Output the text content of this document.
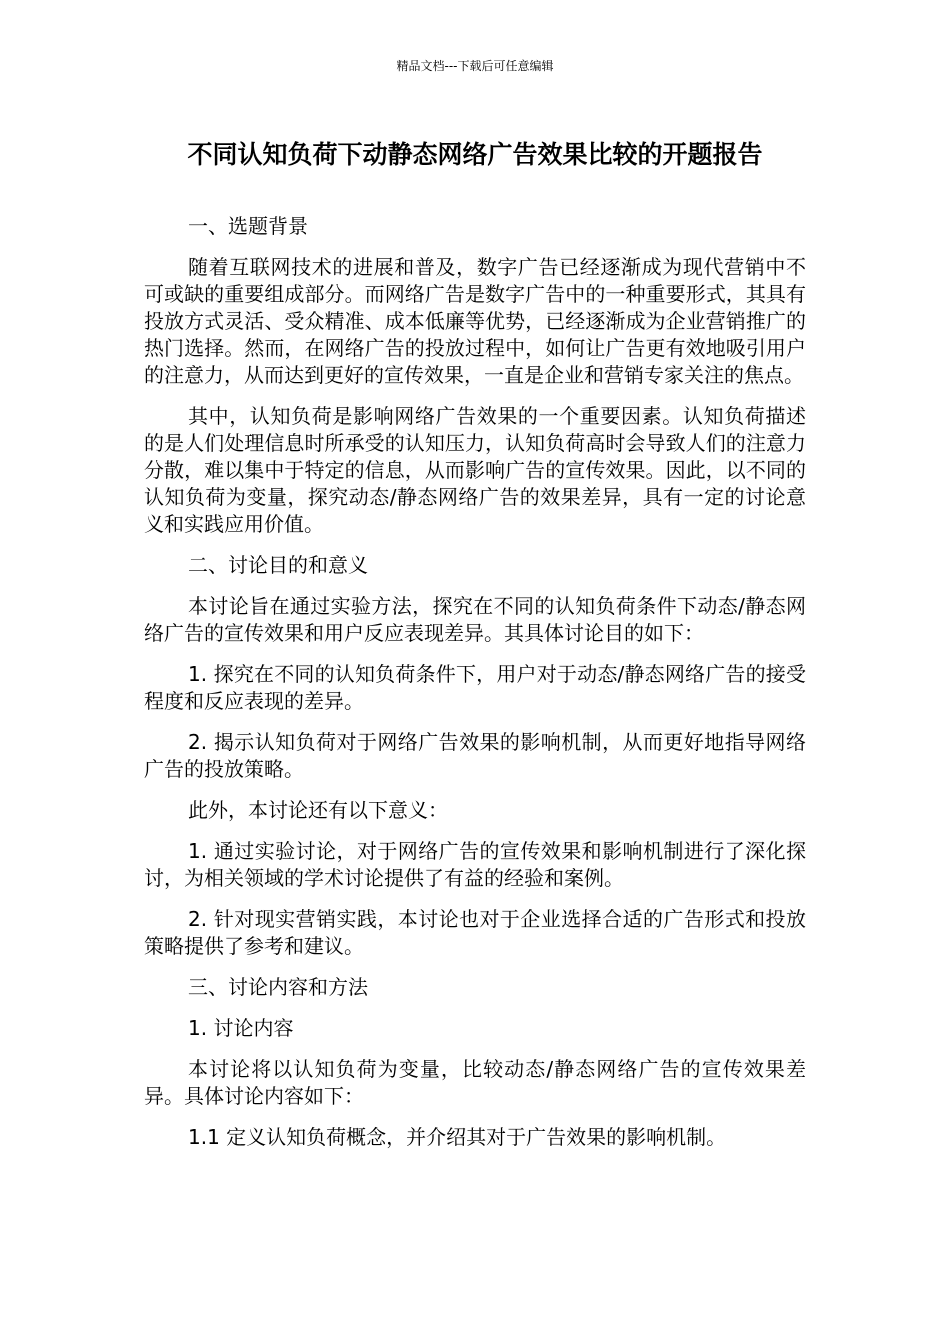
精品文档---下载后可任意编辑
不同认知负荷下动静态网络广告效果比较的开题报告

一、选题背景

随着互联网技术的进展和普及，数字广告已经逐渐成为现代营销中不可或缺的重要组成部分。而网络广告是数字广告中的一种重要形式，其具有投放方式灵活、受众精准、成本低廉等优势，已经逐渐成为企业营销推广的热门选择。然而，在网络广告的投放过程中，如何让广告更有效地吸引用户的注意力，从而达到更好的宣传效果，一直是企业和营销专家关注的焦点。

其中，认知负荷是影响网络广告效果的一个重要因素。认知负荷描述的是人们处理信息时所承受的认知压力，认知负荷高时会导致人们的注意力分散，难以集中于特定的信息，从而影响广告的宣传效果。因此，以不同的认知负荷为变量，探究动态/静态网络广告的效果差异，具有一定的讨论意义和实践应用价值。

二、讨论目的和意义

本讨论旨在通过实验方法，探究在不同的认知负荷条件下动态/静态网络广告的宣传效果和用户反应表现差异。其具体讨论目的如下：

1. 探究在不同的认知负荷条件下，用户对于动态/静态网络广告的接受程度和反应表现的差异。

2. 揭示认知负荷对于网络广告效果的影响机制，从而更好地指导网络广告的投放策略。

此外，本讨论还有以下意义：

1. 通过实验讨论，对于网络广告的宣传效果和影响机制进行了深化探讨，为相关领域的学术讨论提供了有益的经验和案例。

2. 针对现实营销实践，本讨论也对于企业选择合适的广告形式和投放策略提供了参考和建议。

三、讨论内容和方法

1. 讨论内容

本讨论将以认知负荷为变量，比较动态/静态网络广告的宣传效果差异。具体讨论内容如下：

1.1 定义认知负荷概念，并介绍其对于广告效果的影响机制。
